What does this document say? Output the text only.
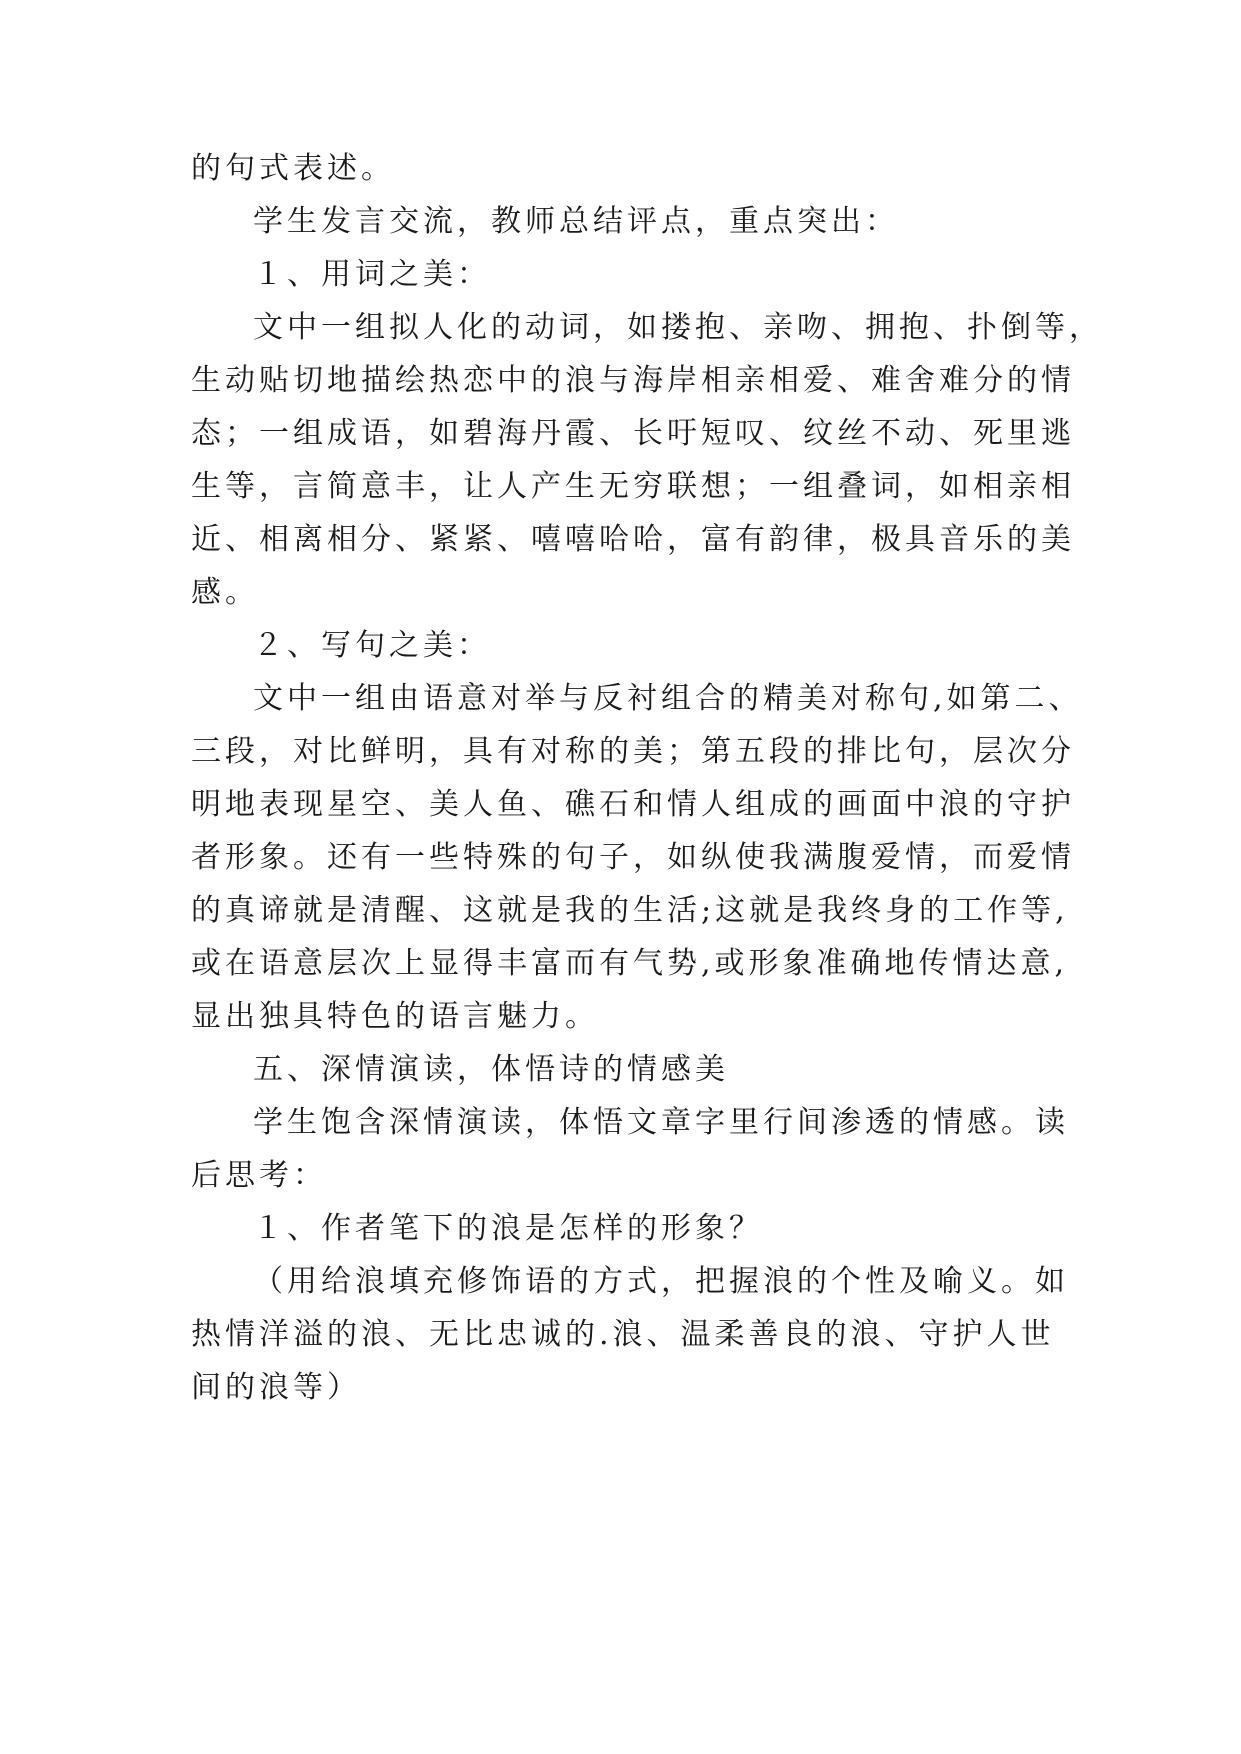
的句式表述。
学生发言交流，教师总结评点，重点突出：
１、用词之美：
文中一组拟人化的动词，如搂抱、亲吻、拥抱、扑倒等，
生动贴切地描绘热恋中的浪与海岸相亲相爱、难舍难分的情
态；一组成语，如碧海丹霞、长吁短叹、纹丝不动、死里逃
生等，言简意丰，让人产生无穷联想；一组叠词，如相亲相
近、相离相分、紧紧、嘻嘻哈哈，富有韵律，极具音乐的美
感。
２、写句之美：
文中一组由语意对举与反衬组合的精美对称句,如第二、
三段，对比鲜明，具有对称的美；第五段的排比句，层次分
明地表现星空、美人鱼、礁石和情人组成的画面中浪的守护
者形象。还有一些特殊的句子，如纵使我满腹爱情，而爱情
的真谛就是清醒、这就是我的生活;这就是我终身的工作等,
或在语意层次上显得丰富而有气势,或形象准确地传情达意,
显出独具特色的语言魅力。
五、深情演读，体悟诗的情感美
学生饱含深情演读，体悟文章字里行间渗透的情感。读
后思考：
１、作者笔下的浪是怎样的形象？
（用给浪填充修饰语的方式，把握浪的个性及喻义。如
热情洋溢的浪、无比忠诚的.浪、温柔善良的浪、守护人世
间的浪等）
